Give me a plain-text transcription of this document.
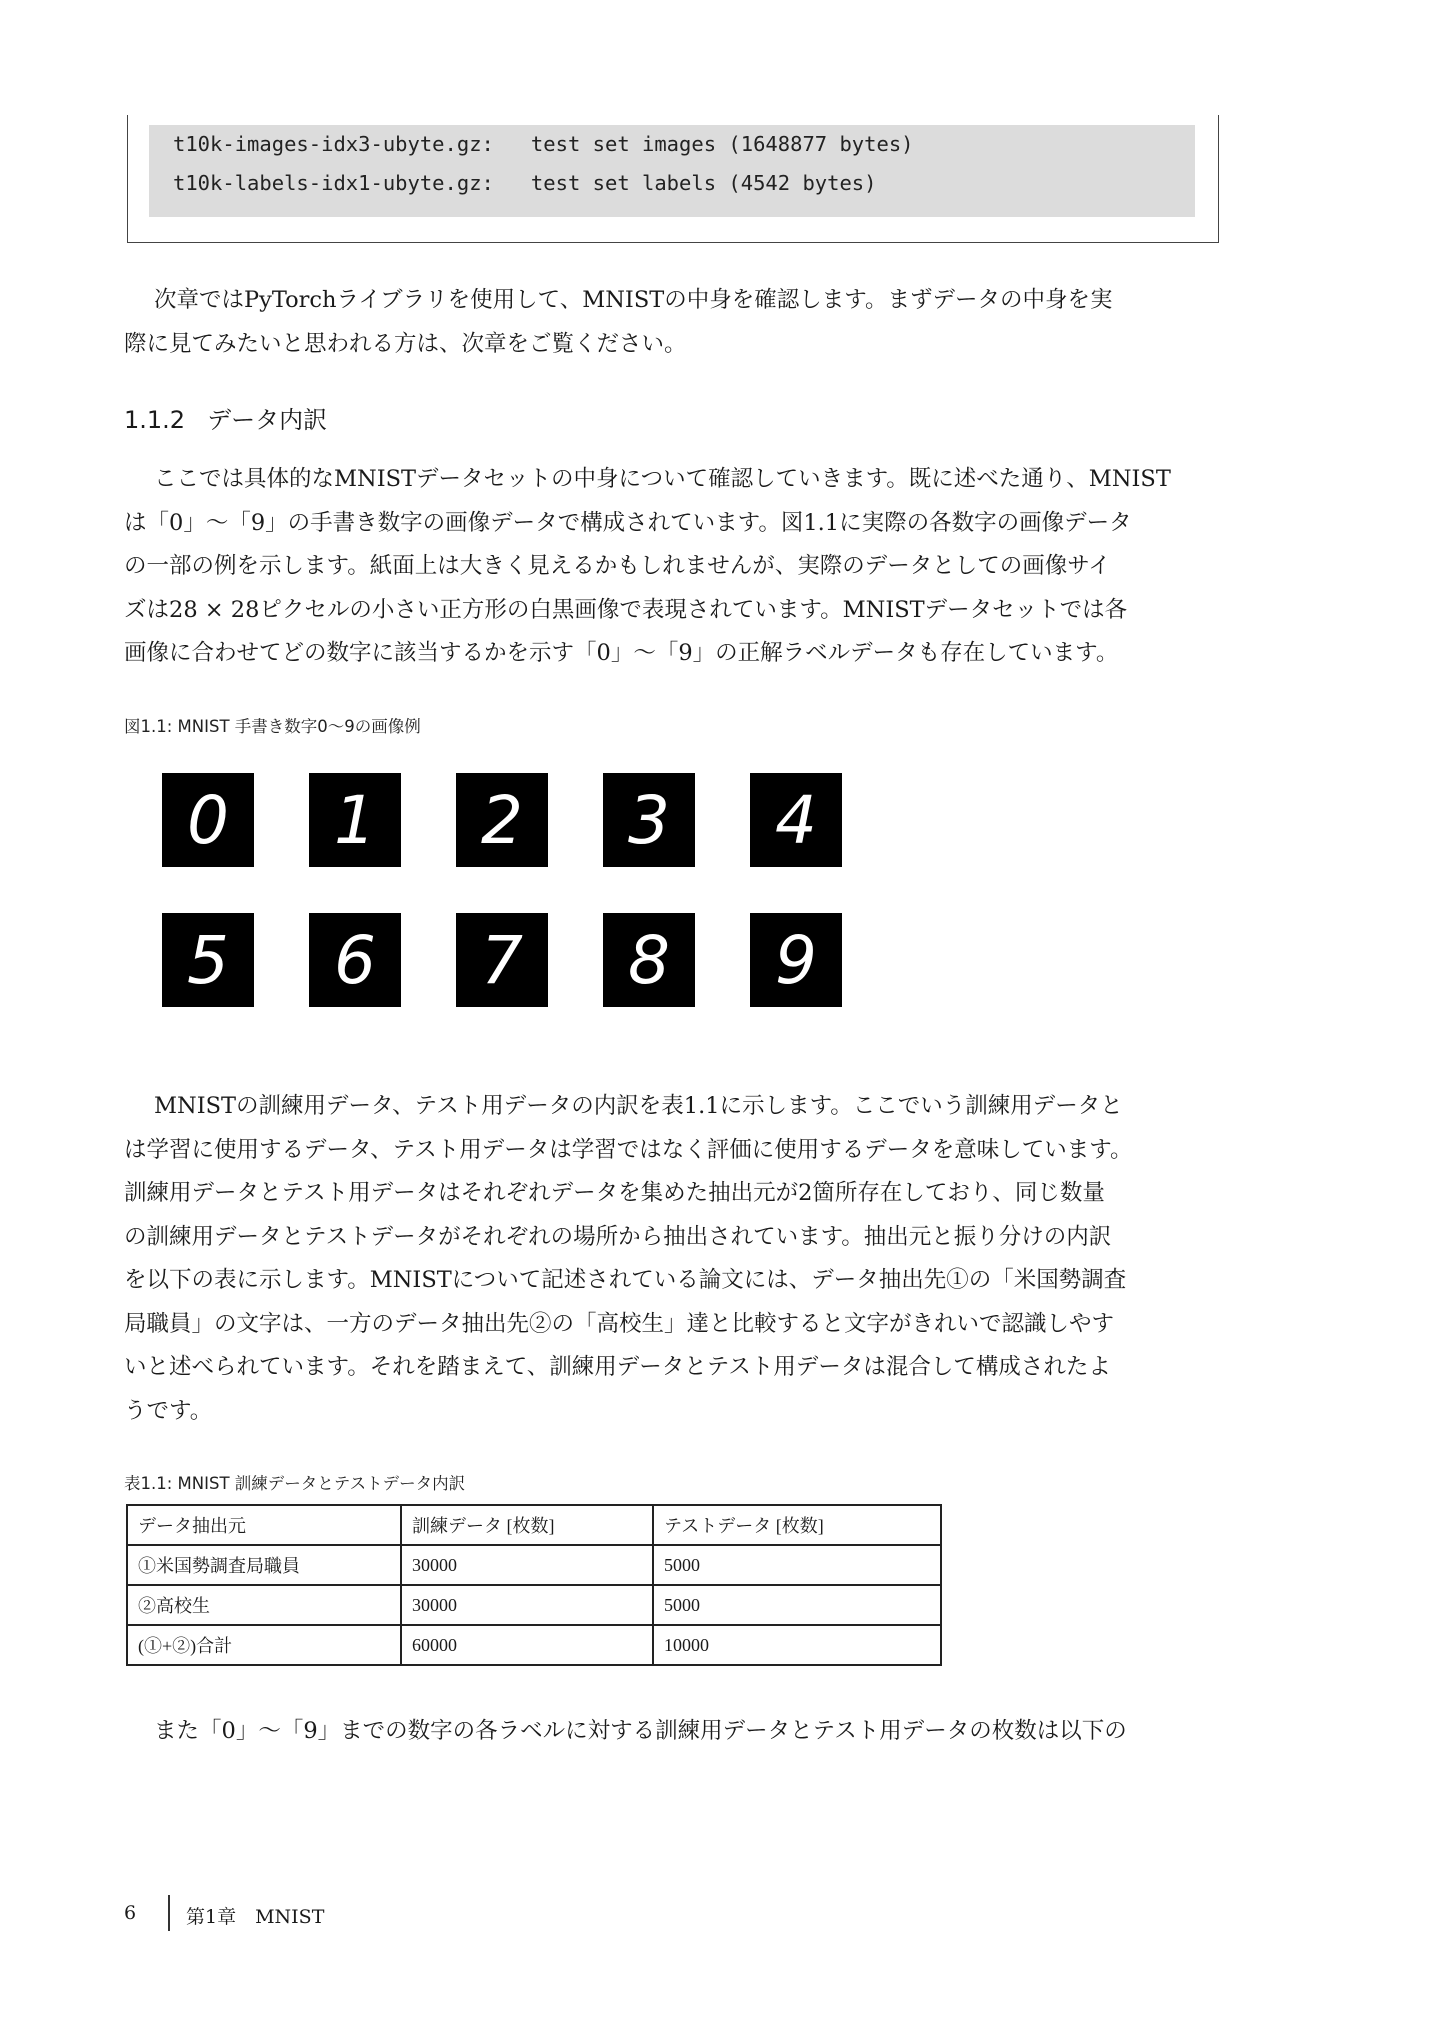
t10k-images-idx3-ubyte.gz:   test set images (1648877 bytes)
t10k-labels-idx1-ubyte.gz:   test set labels (4542 bytes)
次章ではPyTorchライブラリを使用して、MNISTの中身を確認します。まずデータの中身を実
際に見てみたいと思われる方は、次章をご覧ください。
1.1.2 データ内訳
ここでは具体的なMNISTデータセットの中身について確認していきます。既に述べた通り、MNIST
は「0」〜「9」の手書き数字の画像データで構成されています。図1.1に実際の各数字の画像データ
の一部の例を示します。紙面上は大きく見えるかもしれませんが、実際のデータとしての画像サイ
ズは28 × 28ピクセルの小さい正方形の白黒画像で表現されています。MNISTデータセットでは各
画像に合わせてどの数字に該当するかを示す「0」〜「9」の正解ラベルデータも存在しています。
図1.1: MNIST 手書き数字0〜9の画像例
0	1	2	3	4
5	6	7	8	9
MNISTの訓練用データ、テスト用データの内訳を表1.1に示します。ここでいう訓練用データと
は学習に使用するデータ、テスト用データは学習ではなく評価に使用するデータを意味しています。
訓練用データとテスト用データはそれぞれデータを集めた抽出元が2箇所存在しており、同じ数量
の訓練用データとテストデータがそれぞれの場所から抽出されています。抽出元と振り分けの内訳
を以下の表に示します。MNISTについて記述されている論文には、データ抽出先①の「米国勢調査
局職員」の文字は、一方のデータ抽出先②の「高校生」達と比較すると文字がきれいで認識しやす
いと述べられています。それを踏まえて、訓練用データとテスト用データは混合して構成されたよ
うです。
表1.1: MNIST 訓練データとテストデータ内訳
データ抽出元	訓練データ [枚数]	テストデータ [枚数]
①米国勢調査局職員	30000	5000
②高校生	30000	5000
(①+②)合計	60000	10000
また「0」〜「9」までの数字の各ラベルに対する訓練用データとテスト用データの枚数は以下の
6	第1章　MNIST
